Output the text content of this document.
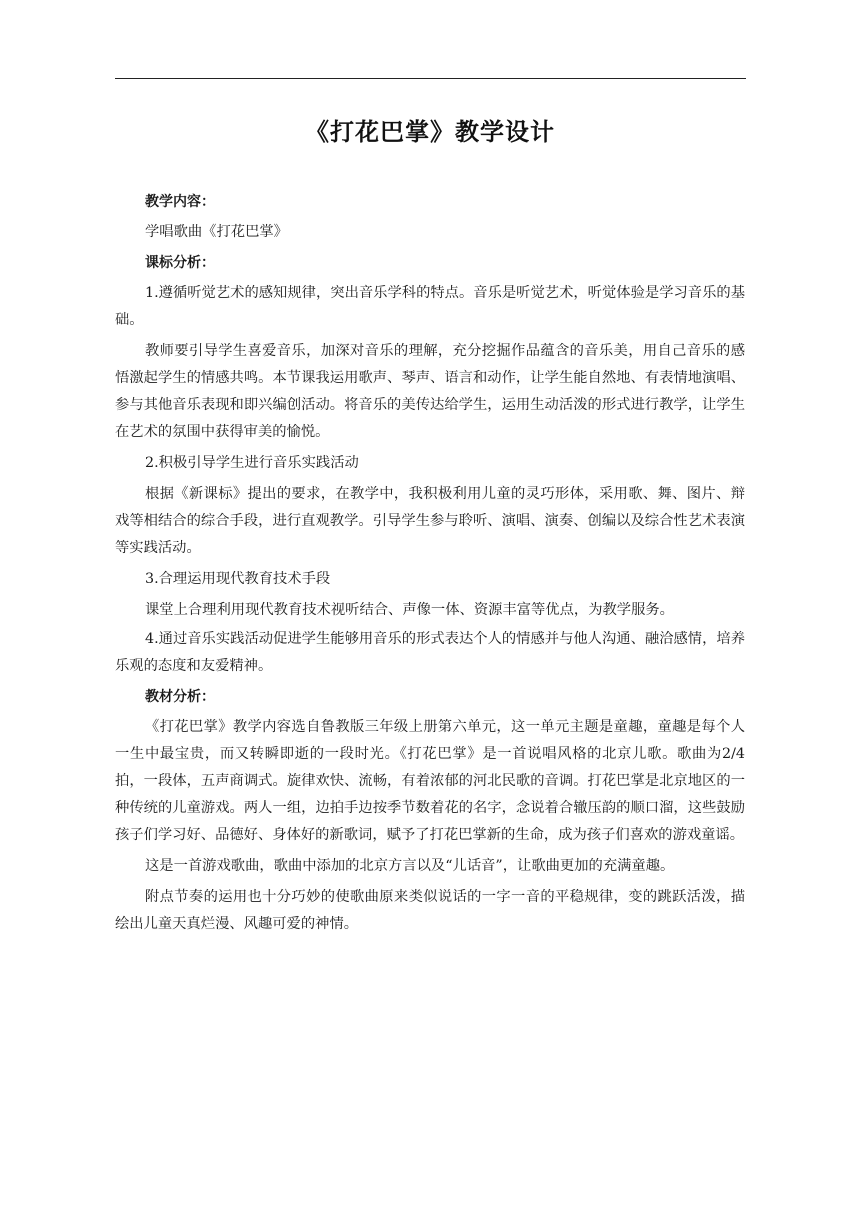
《打花巴掌》教学设计
教学内容：

学唱歌曲《打花巴掌》

课标分析：

1.遵循听觉艺术的感知规律，突出音乐学科的特点。音乐是听觉艺术，听觉体验是学习音乐的基础。

教师要引导学生喜爱音乐，加深对音乐的理解，充分挖掘作品蕴含的音乐美，用自己音乐的感悟激起学生的情感共鸣。本节课我运用歌声、琴声、语言和动作，让学生能自然地、有表情地演唱、参与其他音乐表现和即兴编创活动。将音乐的美传达给学生，运用生动活泼的形式进行教学，让学生在艺术的氛围中获得审美的愉悦。

2.积极引导学生进行音乐实践活动

根据《新课标》提出的要求，在教学中，我积极利用儿童的灵巧形体，采用歌、舞、图片、辩戏等相结合的综合手段，进行直观教学。引导学生参与聆听、演唱、演奏、创编以及综合性艺术表演等实践活动。

3.合理运用现代教育技术手段

课堂上合理利用现代教育技术视听结合、声像一体、资源丰富等优点，为教学服务。

4.通过音乐实践活动促进学生能够用音乐的形式表达个人的情感并与他人沟通、融洽感情，培养乐观的态度和友爱精神。

教材分析：

《打花巴掌》教学内容选自鲁教版三年级上册第六单元，这一单元主题是童趣，童趣是每个人一生中最宝贵，而又转瞬即逝的一段时光。《打花巴掌》是一首说唱风格的北京儿歌。歌曲为2/4拍，一段体，五声商调式。旋律欢快、流畅，有着浓郁的河北民歌的音调。打花巴掌是北京地区的一种传统的儿童游戏。两人一组，边拍手边按季节数着花的名字，念说着合辙压韵的顺口溜，这些鼓励孩子们学习好、品德好、身体好的新歌词，赋予了打花巴掌新的生命，成为孩子们喜欢的游戏童谣。

这是一首游戏歌曲，歌曲中添加的北京方言以及“儿话音”，让歌曲更加的充满童趣。

附点节奏的运用也十分巧妙的使歌曲原来类似说话的一字一音的平稳规律，变的跳跃活泼，描绘出儿童天真烂漫、风趣可爱的神情。
